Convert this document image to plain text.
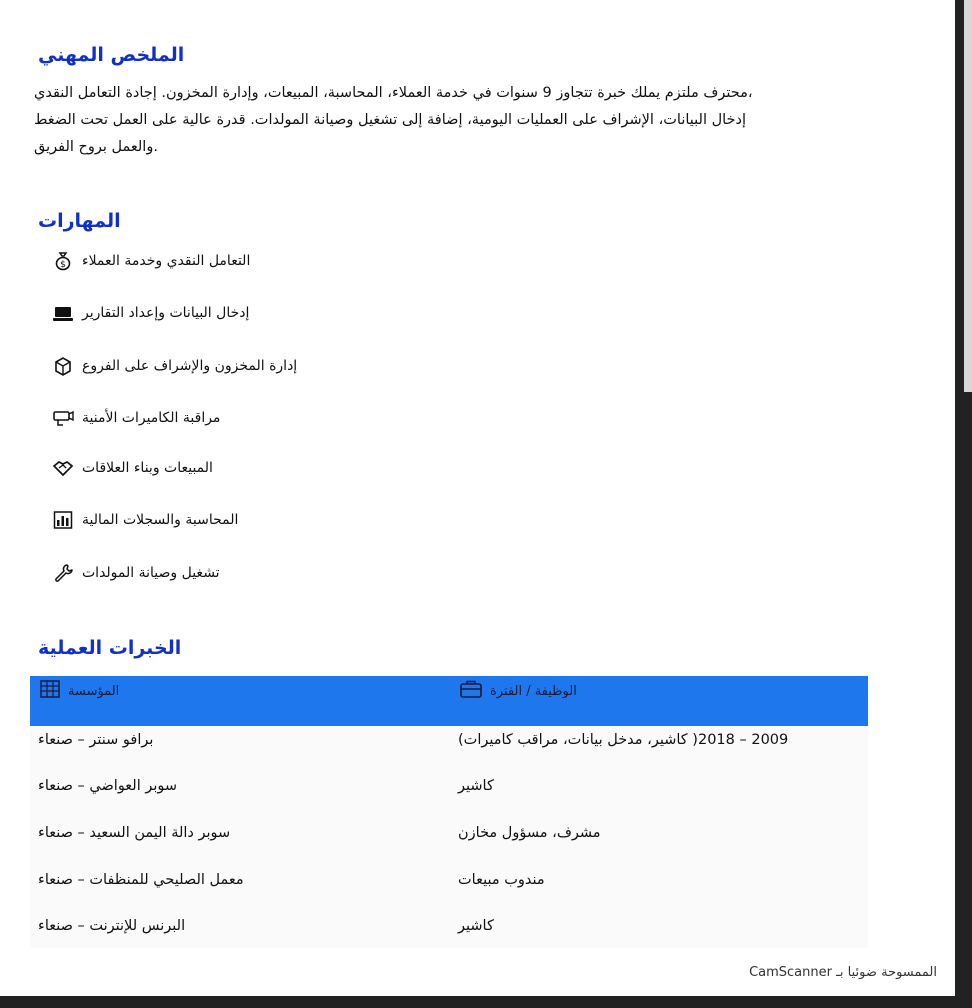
الملخص المهني
،محترف ملتزم يملك خبرة تتجاوز 9 سنوات في خدمة العملاء، المحاسبة، المبيعات، وإدارة المخزون. إجادة التعامل النقدي
إدخال البيانات، الإشراف على العمليات اليومية، إضافة إلى تشغيل وصيانة المولدات. قدرة عالية على العمل تحت الضغط
.والعمل بروح الفريق
المهارات
$ التعامل النقدي وخدمة العملاء
إدخال البيانات وإعداد التقارير
إدارة المخزون والإشراف على الفروع
مراقبة الكاميرات الأمنية
المبيعات وبناء العلاقات
المحاسبة والسجلات المالية
تشغيل وصيانة المولدات
الخبرات العملية
المؤسسة	الوظيفة / الفترة
برافو سنتر – صنعاء	(كاشير، مدخل بيانات، مراقب كاميرات )2009 – 2018
سوبر العواضي – صنعاء	كاشير
سوبر دالة اليمن السعيد – صنعاء	مشرف، مسؤول مخازن
معمل الصليحي للمنظفات – صنعاء	مندوب مبيعات
البرنس للإنترنت – صنعاء	كاشير
الممسوحة ضوئيا بـ CamScanner
